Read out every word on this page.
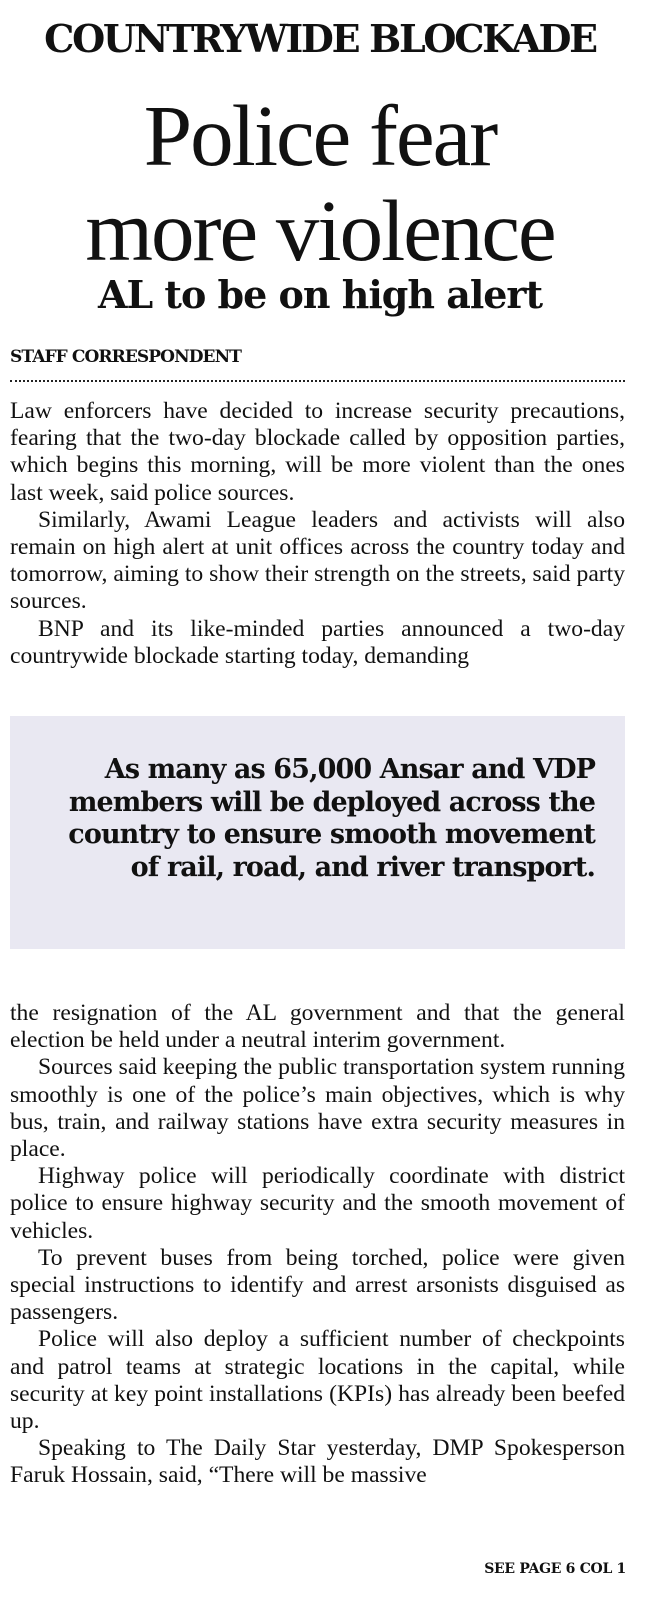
COUNTRYWIDE BLOCKADE
Police fear
more violence
AL to be on high alert
STAFF CORRESPONDENT

Law enforcers have decided to increase security precautions, fearing that the two-day blockade called by opposition parties, which begins this morning, will be more violent than the ones last week, said police sources.

Similarly, Awami League leaders and activists will also remain on high alert at unit offices across the country today and tomorrow, aiming to show their strength on the streets, said party sources.

BNP and its like-minded parties announced a two-day countrywide blockade starting today, demanding

As many as 65,000 Ansar and VDP members will be deployed across the country to ensure smooth movement of rail, road, and river transport.

the resignation of the AL government and that the general election be held under a neutral interim government.

Sources said keeping the public transportation system running smoothly is one of the police’s main objectives, which is why bus, train, and railway stations have extra security measures in place.

Highway police will periodically coordinate with district police to ensure highway security and the smooth movement of vehicles.

To prevent buses from being torched, police were given special instructions to identify and arrest arsonists disguised as passengers.

Police will also deploy a sufficient number of checkpoints and patrol teams at strategic locations in the capital, while security at key point installations (KPIs) has already been beefed up.

Speaking to The Daily Star yesterday, DMP Spokesperson Faruk Hossain, said, “There will be massive

SEE PAGE 6 COL 1
